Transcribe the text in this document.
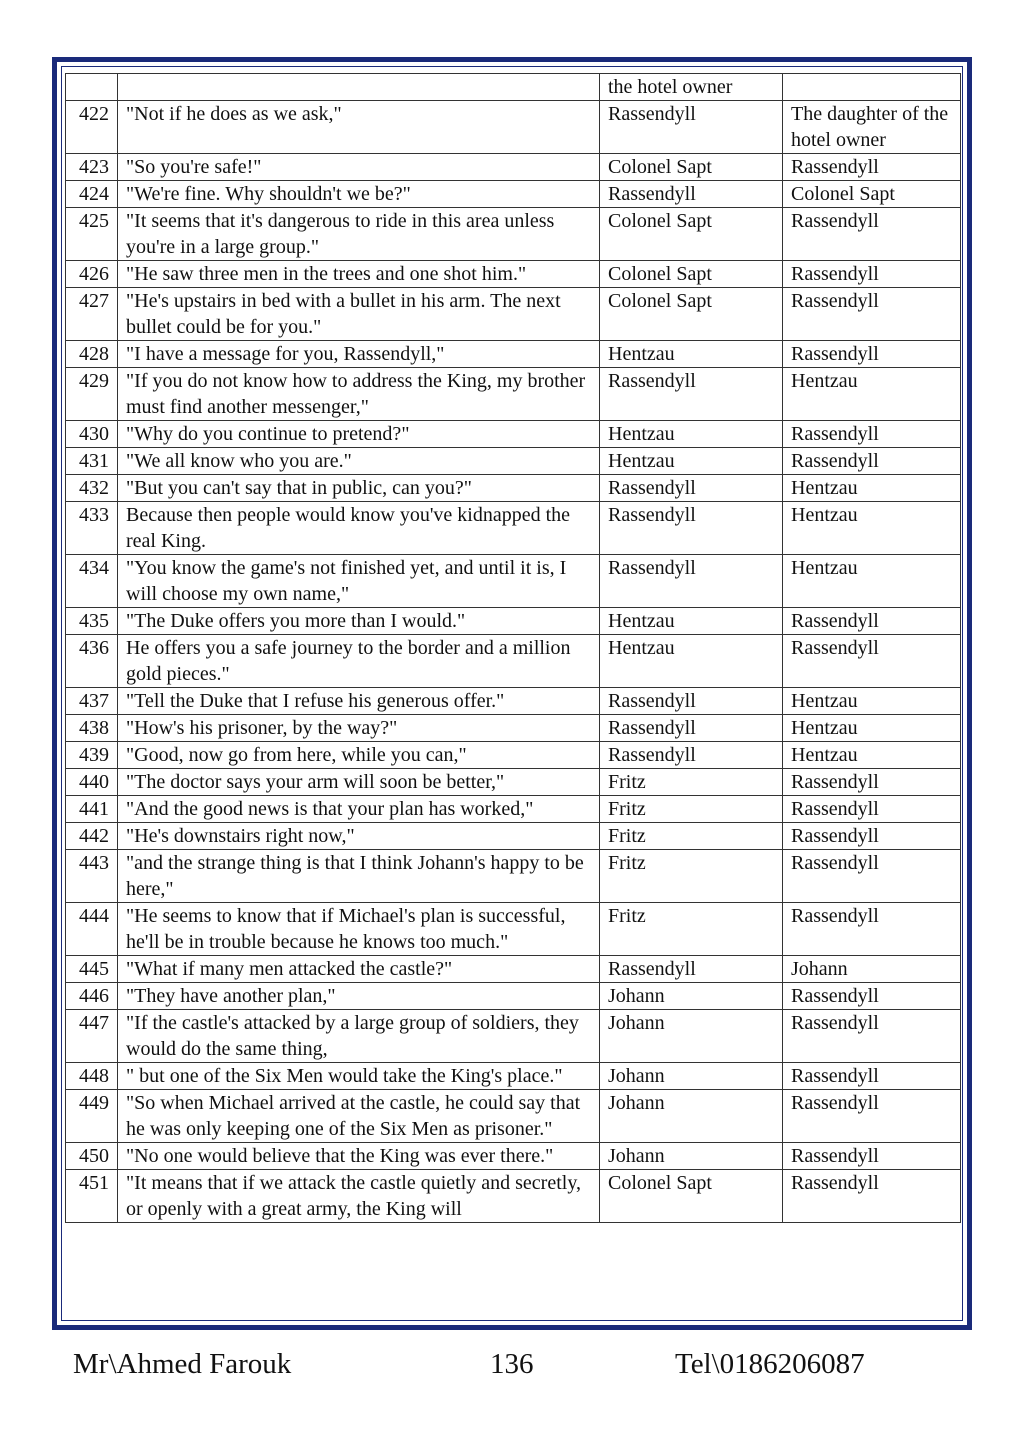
		the hotel owner	
422	"Not if he does as we ask,"	Rassendyll	The daughter of the hotel owner
423	"So you're safe!"	Colonel Sapt	Rassendyll
424	"We're fine. Why shouldn't we be?"	Rassendyll	Colonel Sapt
425	"It seems that it's dangerous to ride in this area unless you're in a large group."	Colonel Sapt	Rassendyll
426	"He saw three men in the trees and one shot him."	Colonel Sapt	Rassendyll
427	"He's upstairs in bed with a bullet in his arm. The next bullet could be for you."	Colonel Sapt	Rassendyll
428	"I have a message for you, Rassendyll,"	Hentzau	Rassendyll
429	"If you do not know how to address the King, my brother must find another messenger,"	Rassendyll	Hentzau
430	"Why do you continue to pretend?"	Hentzau	Rassendyll
431	"We all know who you are."	Hentzau	Rassendyll
432	"But you can't say that in public, can you?"	Rassendyll	Hentzau
433	Because then people would know you've kidnapped the real King.	Rassendyll	Hentzau
434	"You know the game's not finished yet, and until it is, I will choose my own name,"	Rassendyll	Hentzau
435	"The Duke offers you more than I would."	Hentzau	Rassendyll
436	He offers you a safe journey to the border and a million gold pieces."	Hentzau	Rassendyll
437	"Tell the Duke that I refuse his generous offer."	Rassendyll	Hentzau
438	"How's his prisoner, by the way?"	Rassendyll	Hentzau
439	"Good, now go from here, while you can,"	Rassendyll	Hentzau
440	"The doctor says your arm will soon be better,"	Fritz	Rassendyll
441	"And the good news is that your plan has worked,"	Fritz	Rassendyll
442	"He's downstairs right now,"	Fritz	Rassendyll
443	"and the strange thing is that I think Johann's happy to be here,"	Fritz	Rassendyll
444	"He seems to know that if Michael's plan is successful, he'll be in trouble because he knows too much."	Fritz	Rassendyll
445	"What if many men attacked the castle?"	Rassendyll	Johann
446	"They have another plan,"	Johann	Rassendyll
447	"If the castle's attacked by a large group of soldiers, they would do the same thing,	Johann	Rassendyll
448	" but one of the Six Men would take the King's place."	Johann	Rassendyll
449	"So when Michael arrived at the castle, he could say that he was only keeping one of the Six Men as prisoner."	Johann	Rassendyll
450	"No one would believe that the King was ever there."	Johann	Rassendyll
451	"It means that if we attack the castle quietly and secretly, or openly with a great army, the King will	Colonel Sapt	Rassendyll
Mr\Ahmed Farouk	136	Tel\0186206087
